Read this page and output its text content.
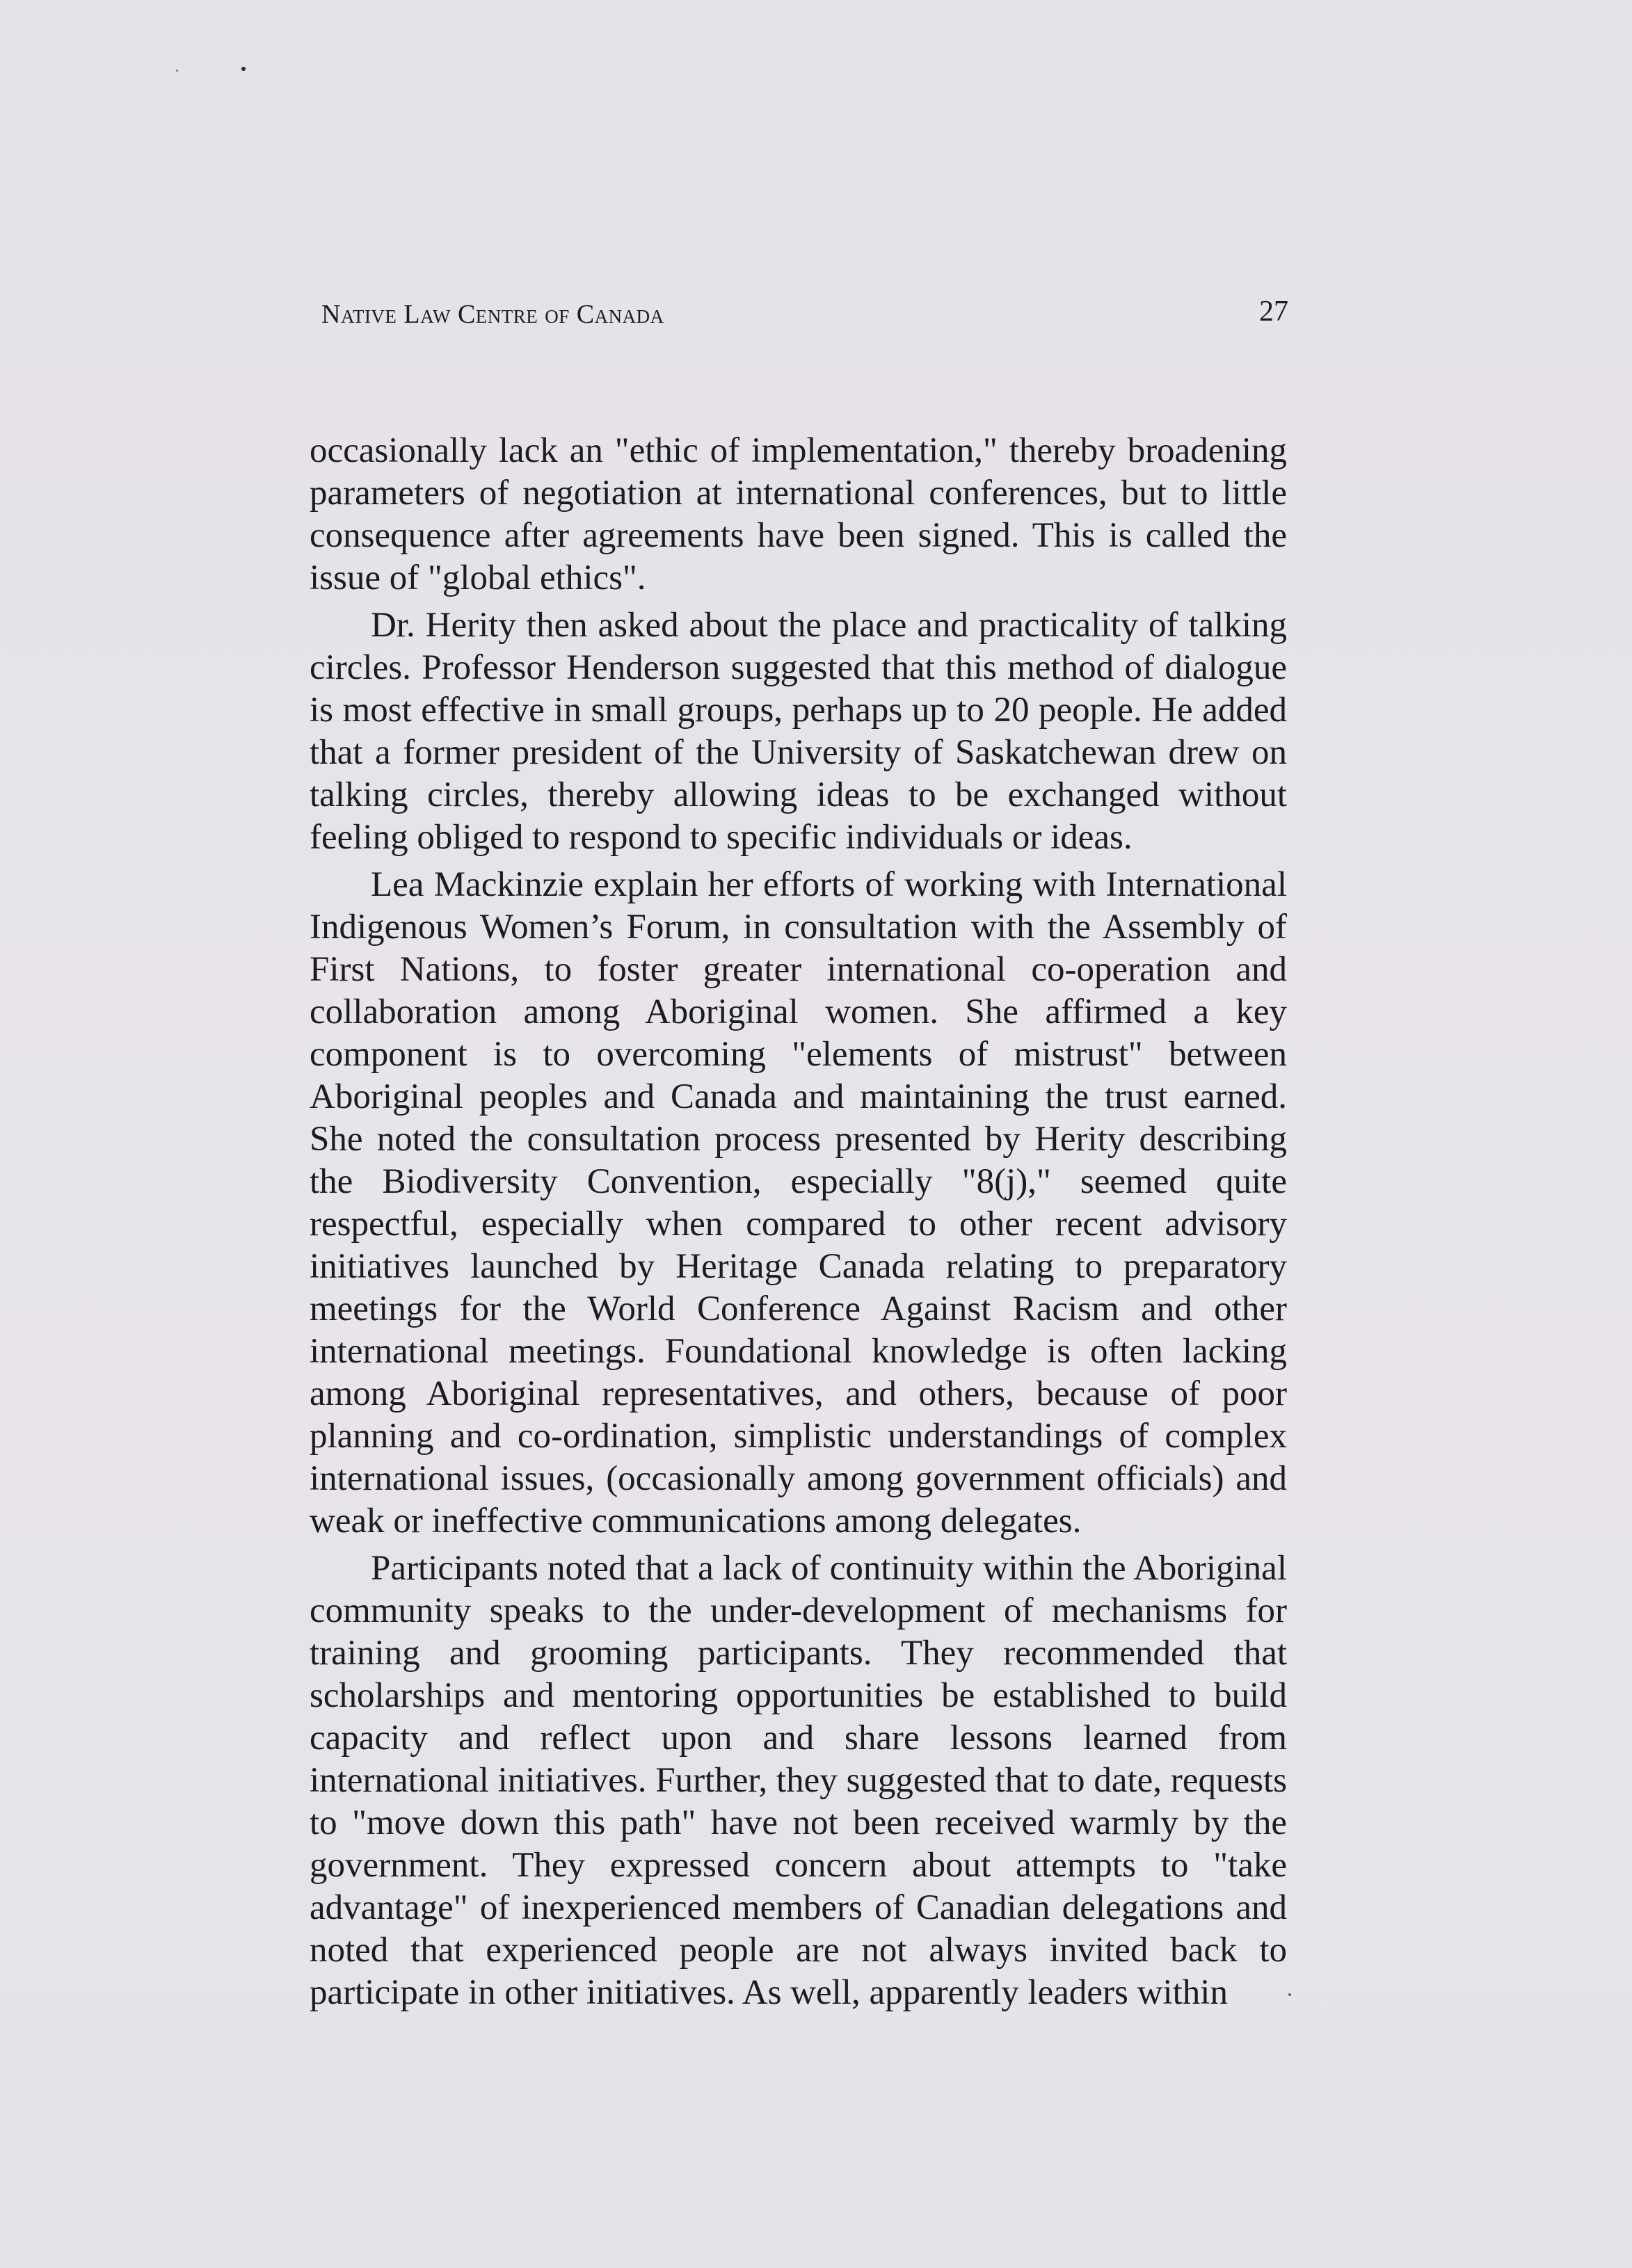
Native Law Centre of Canada	27

occasionally lack an "ethic of implementation," thereby broadening parameters of negotiation at international conferences, but to little consequence after agreements have been signed. This is called the issue of "global ethics".

Dr. Herity then asked about the place and practicality of talking circles. Professor Henderson suggested that this method of dialogue is most effective in small groups, perhaps up to 20 people. He added that a former president of the University of Saskatchewan drew on talking circles, thereby allowing ideas to be exchanged without feeling obliged to respond to specific individuals or ideas.

Lea Mackinzie explain her efforts of working with International Indigenous Women’s Forum, in consultation with the Assembly of First Nations, to foster greater international co-operation and collaboration among Aboriginal women. She affirmed a key component is to overcoming "elements of mistrust" between Aboriginal peoples and Canada and maintaining the trust earned. She noted the consultation process presented by Herity describing the Biodiversity Convention, especially "8(j)," seemed quite respectful, especially when compared to other recent advisory initiatives launched by Heritage Canada relating to preparatory meetings for the World Conference Against Racism and other international meetings. Foundational knowledge is often lacking among Aboriginal representatives, and others, because of poor planning and co-ordination, simplistic understandings of complex international issues, (occasionally among government officials) and weak or ineffective communications among delegates.

Participants noted that a lack of continuity within the Aboriginal community speaks to the under-development of mechanisms for training and grooming participants. They recommended that scholarships and mentoring opportunities be established to build capacity and reflect upon and share lessons learned from international initiatives. Further, they suggested that to date, requests to "move down this path" have not been received warmly by the government. They expressed concern about attempts to "take advantage" of inexperienced members of Canadian delegations and noted that experienced people are not always invited back to participate in other initiatives. As well, apparently leaders within
